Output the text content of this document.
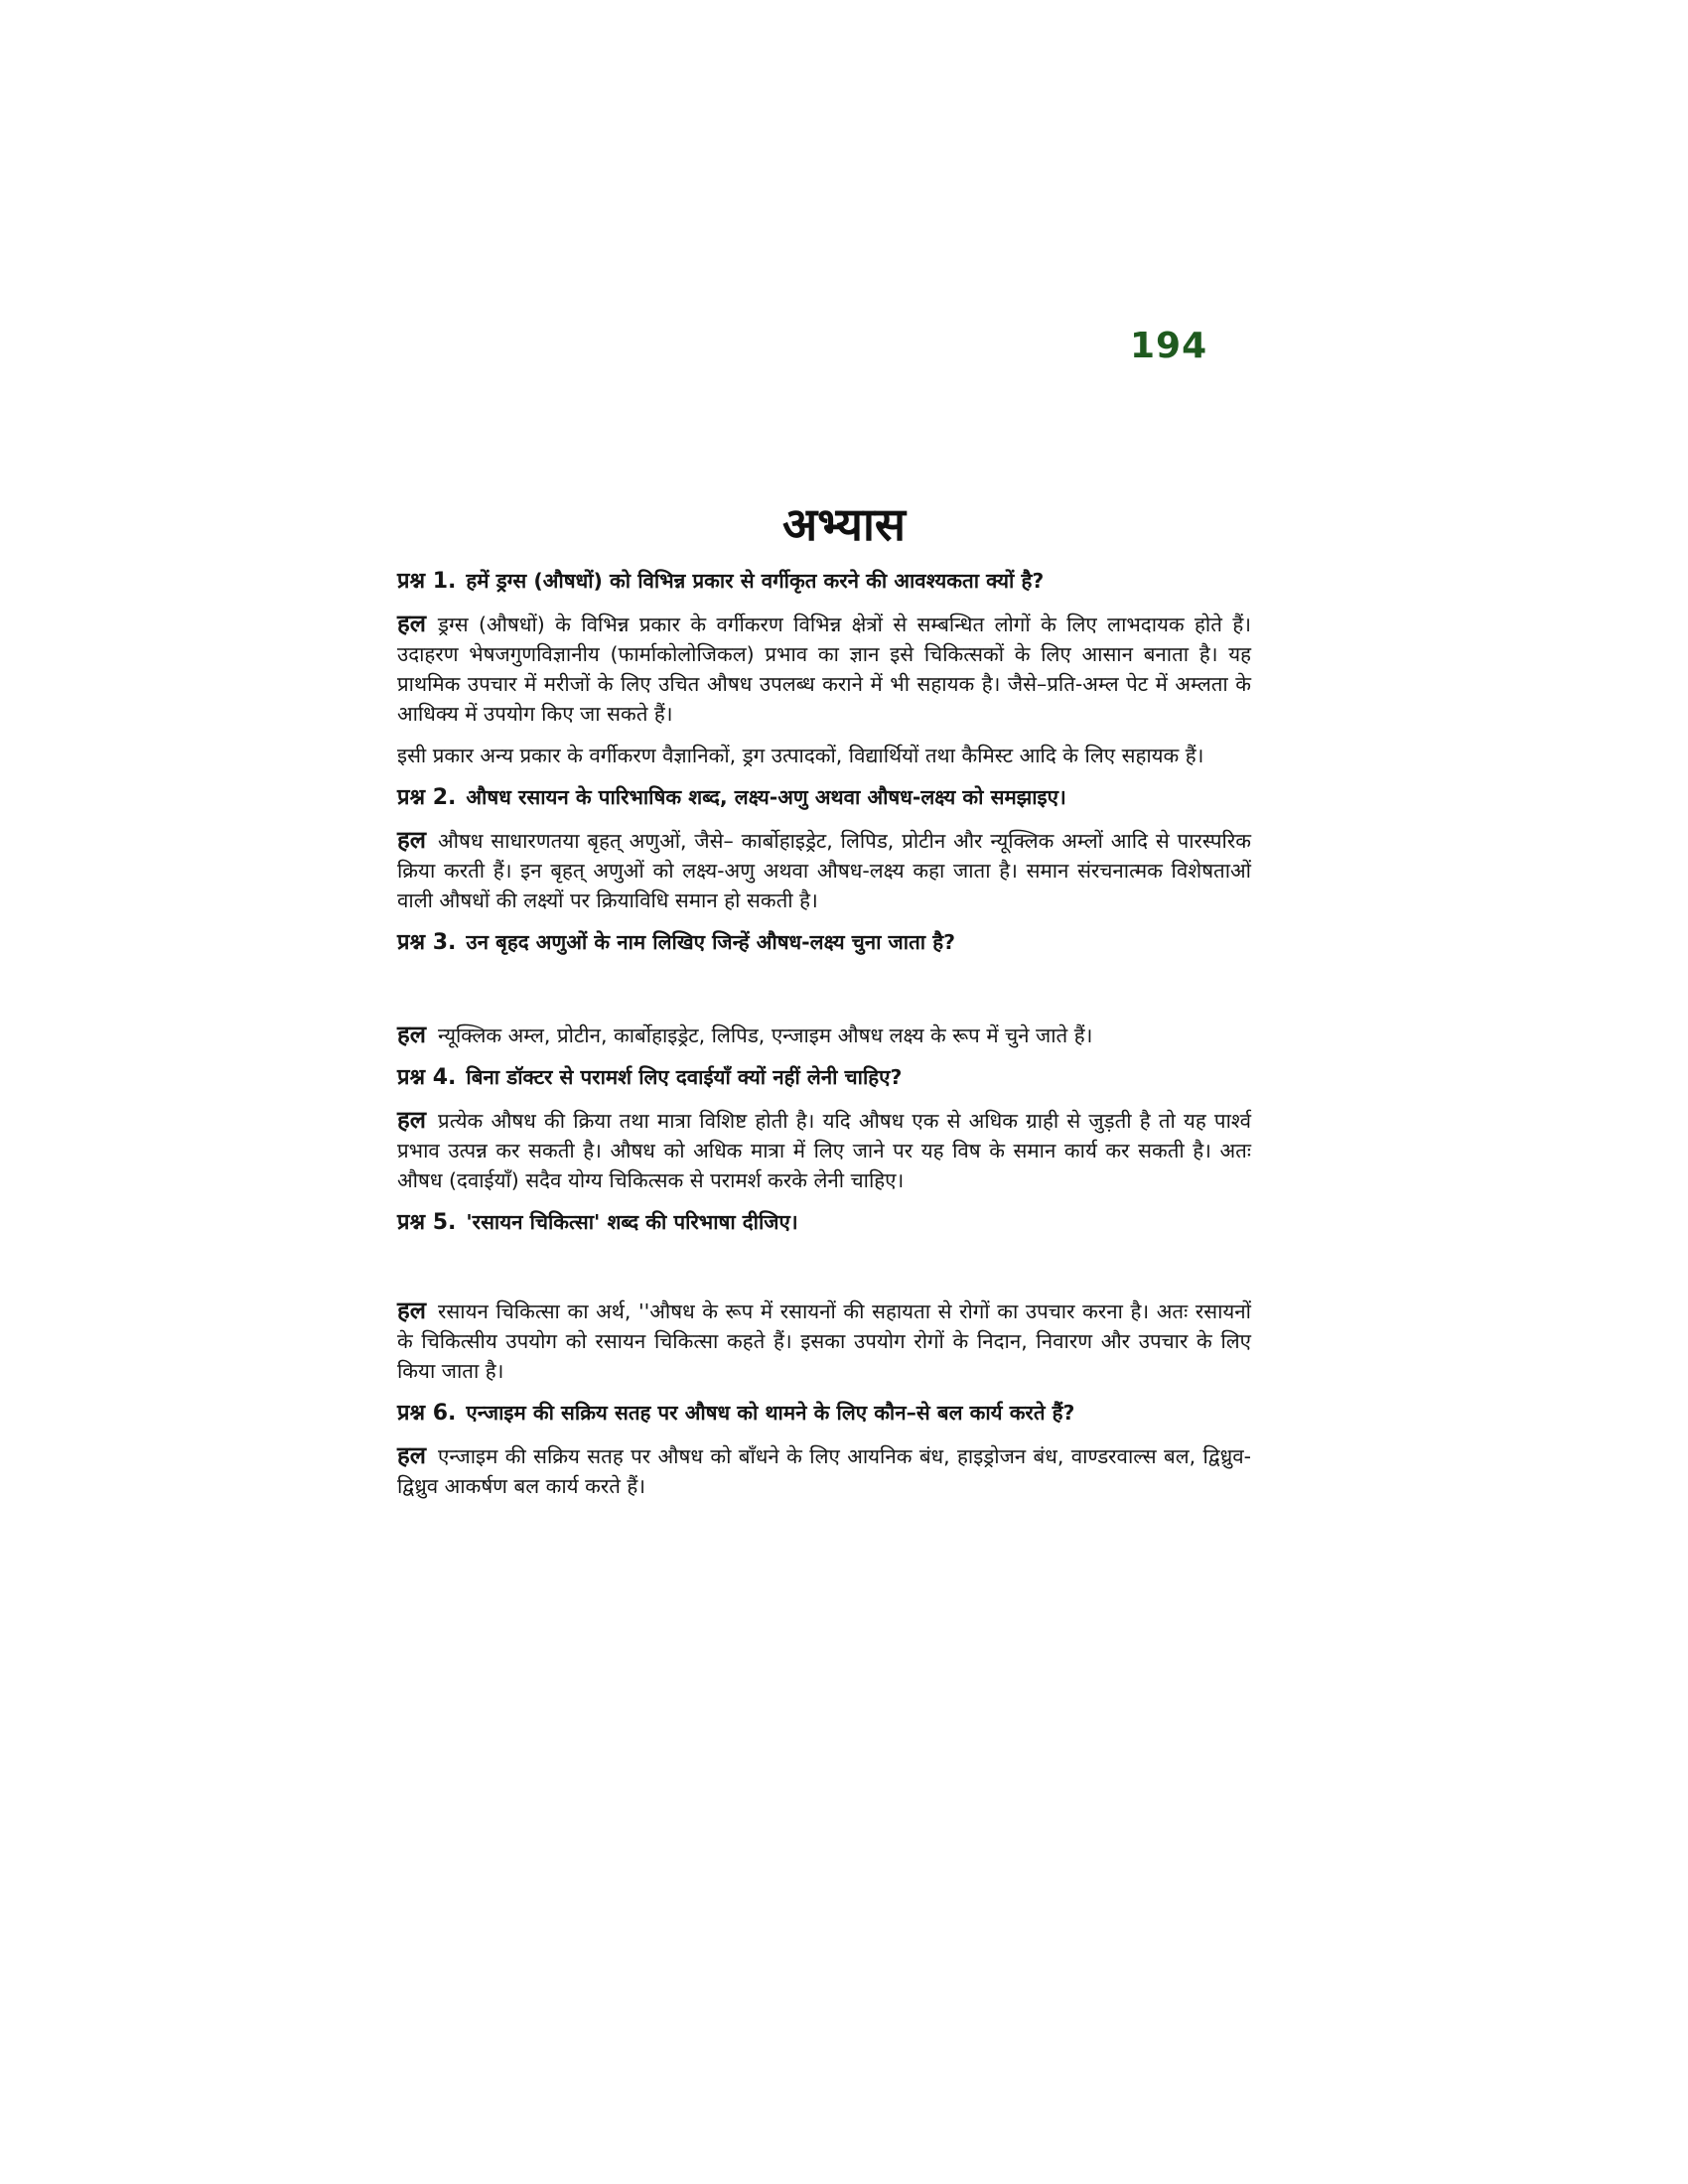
194
अभ्यास

प्रश्न 1. हमें ड्रग्स (औषधों) को विभिन्न प्रकार से वर्गीकृत करने की आवश्यकता क्यों है?

हल ड्रग्स (औषधों) के विभिन्न प्रकार के वर्गीकरण विभिन्न क्षेत्रों से सम्बन्धित लोगों के लिए लाभदायक होते हैं। उदाहरण भेषजगुणविज्ञानीय (फार्माकोलोजिकल) प्रभाव का ज्ञान इसे चिकित्सकों के लिए आसान बनाता है। यह प्राथमिक उपचार में मरीजों के लिए उचित औषध उपलब्ध कराने में भी सहायक है। जैसे–प्रति-अम्ल पेट में अम्लता के आधिक्य में उपयोग किए जा सकते हैं।

इसी प्रकार अन्य प्रकार के वर्गीकरण वैज्ञानिकों, ड्रग उत्पादकों, विद्यार्थियों तथा कैमिस्ट आदि के लिए सहायक हैं।

प्रश्न 2. औषध रसायन के पारिभाषिक शब्द, लक्ष्य-अणु अथवा औषध-लक्ष्य को समझाइए।

हल औषध साधारणतया बृहत् अणुओं, जैसे– कार्बोहाइड्रेट, लिपिड, प्रोटीन और न्यूक्लिक अम्लों आदि से पारस्परिक क्रिया करती हैं। इन बृहत् अणुओं को लक्ष्य-अणु अथवा औषध-लक्ष्य कहा जाता है। समान संरचनात्मक विशेषताओं वाली औषधों की लक्ष्यों पर क्रियाविधि समान हो सकती है।

प्रश्न 3. उन बृहद अणुओं के नाम लिखिए जिन्हें औषध-लक्ष्य चुना जाता है?

हल न्यूक्लिक अम्ल, प्रोटीन, कार्बोहाइड्रेट, लिपिड, एन्जाइम औषध लक्ष्य के रूप में चुने जाते हैं।

प्रश्न 4. बिना डॉक्टर से परामर्श लिए दवाईयाँ क्यों नहीं लेनी चाहिए?

हल प्रत्येक औषध की क्रिया तथा मात्रा विशिष्ट होती है। यदि औषध एक से अधिक ग्राही से जुड़ती है तो यह पार्श्व प्रभाव उत्पन्न कर सकती है। औषध को अधिक मात्रा में लिए जाने पर यह विष के समान कार्य कर सकती है। अतः औषध (दवाईयाँ) सदैव योग्य चिकित्सक से परामर्श करके लेनी चाहिए।

प्रश्न 5. 'रसायन चिकित्सा' शब्द की परिभाषा दीजिए।

हल रसायन चिकित्सा का अर्थ, ''औषध के रूप में रसायनों की सहायता से रोगों का उपचार करना है। अतः रसायनों के चिकित्सीय उपयोग को रसायन चिकित्सा कहते हैं। इसका उपयोग रोगों के निदान, निवारण और उपचार के लिए किया जाता है।

प्रश्न 6. एन्जाइम की सक्रिय सतह पर औषध को थामने के लिए कौन–से बल कार्य करते हैं?

हल एन्जाइम की सक्रिय सतह पर औषध को बाँधने के लिए आयनिक बंध, हाइड्रोजन बंध, वाण्डरवाल्स बल, द्विध्रुव-द्विध्रुव आकर्षण बल कार्य करते हैं।
